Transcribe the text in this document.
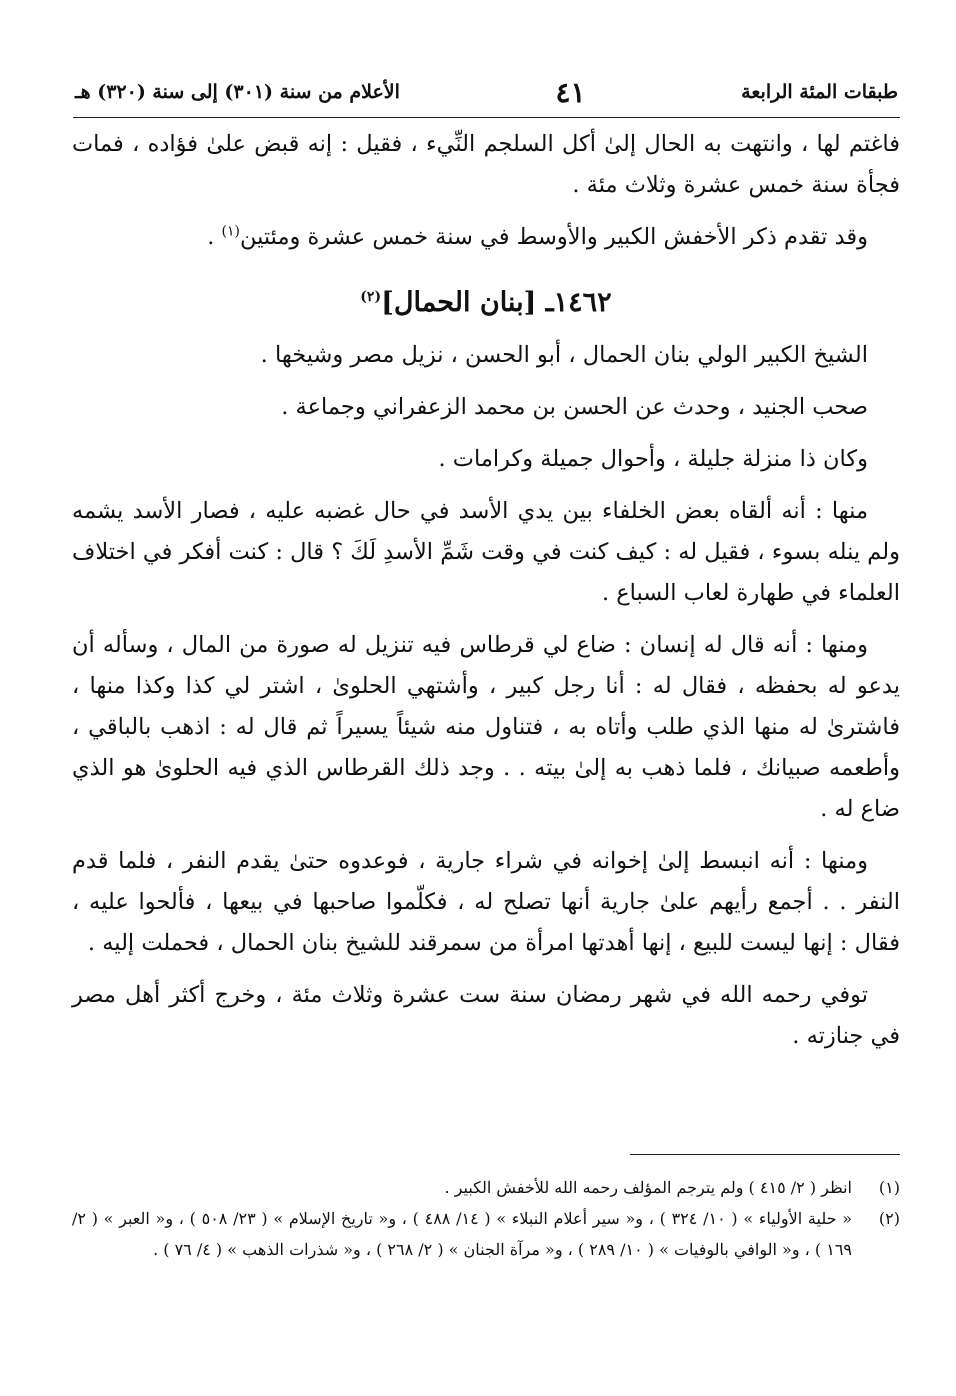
طبقات المئة الرابعة
٤١
الأعلام من سنة (٣٠١) إلى سنة (٣٢٠) هـ

فاغتم لها ، وانتهت به الحال إلىٰ أكل السلجم النِّيء ، فقيل : إنه قبض علىٰ فؤاده ، فمات فجأة سنة خمس عشرة وثلاث مئة .

وقد تقدم ذكر الأخفش الكبير والأوسط في سنة خمس عشرة ومئتين$^{(١)}$ .

١٤٦٢ـ [بنان الحمال]$^{(٢)}$

الشيخ الكبير الولي بنان الحمال ، أبو الحسن ، نزيل مصر وشيخها .

صحب الجنيد ، وحدث عن الحسن بن محمد الزعفراني وجماعة .

وكان ذا منزلة جليلة ، وأحوال جميلة وكرامات .

منها : أنه ألقاه بعض الخلفاء بين يدي الأسد في حال غضبه عليه ، فصار الأسد يشمه ولم ينله بسوء ، فقيل له : كيف كنت في وقت شَمِّ الأسدِ لَكَ ؟ قال : كنت أفكر في اختلاف العلماء في طهارة لعاب السباع .

ومنها : أنه قال له إنسان : ضاع لي قرطاس فيه تنزيل له صورة من المال ، وسأله أن يدعو له بحفظه ، فقال له : أنا رجل كبير ، وأشتهي الحلوىٰ ، اشتر لي كذا وكذا منها ، فاشترىٰ له منها الذي طلب وأتاه به ، فتناول منه شيئاً يسيراً ثم قال له : اذهب بالباقي ، وأطعمه صبيانك ، فلما ذهب به إلىٰ بيته . . وجد ذلك القرطاس الذي فيه الحلوىٰ هو الذي ضاع له .

ومنها : أنه انبسط إلىٰ إخوانه في شراء جارية ، فوعدوه حتىٰ يقدم النفر ، فلما قدم النفر . . أجمع رأيهم علىٰ جارية أنها تصلح له ، فكلّموا صاحبها في بيعها ، فألحوا عليه ، فقال : إنها ليست للبيع ، إنها أهدتها امرأة من سمرقند للشيخ بنان الحمال ، فحملت إليه .

توفي رحمه الله في شهر رمضان سنة ست عشرة وثلاث مئة ، وخرج أكثر أهل مصر في جنازته .

(١)
انظر ( ٢/ ٤١٥ ) ولم يترجم المؤلف رحمه الله للأخفش الكبير .
(٢)
« حلية الأولياء » ( ١٠/ ٣٢٤ ) ، و« سير أعلام النبلاء » ( ١٤/ ٤٨٨ ) ، و« تاريخ الإسلام » ( ٢٣/ ٥٠٨ ) ، و« العبر » ( ٢/ ١٦٩ ) ، و« الوافي بالوفيات » ( ١٠/ ٢٨٩ ) ، و« مرآة الجنان » ( ٢/ ٢٦٨ ) ، و« شذرات الذهب » ( ٤/ ٧٦ ) .
